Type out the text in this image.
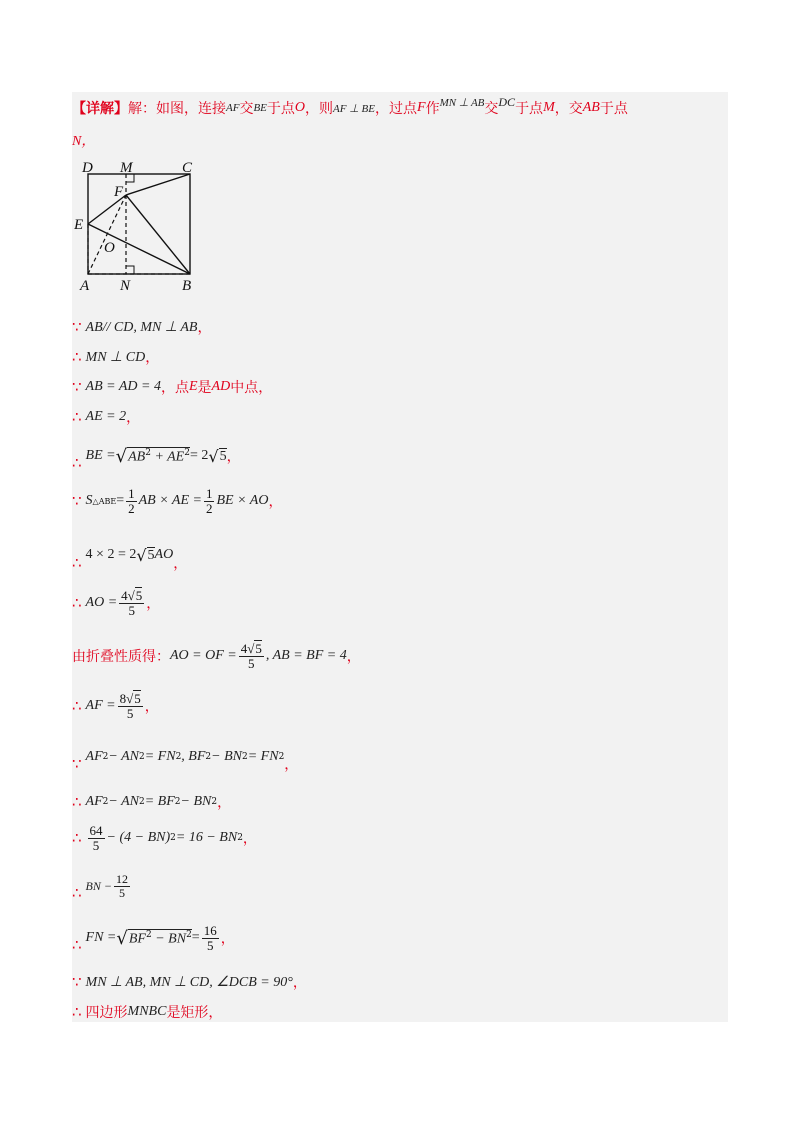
【详解】 解：如图，连接 AF 交 BE 于点 O ，则 AF ⊥ BE ，过点 F 作 MN ⊥ AB 交 DC 于点 M ，交 AB 于点
N，
D M	C
F
E
O
A N	B
∵ AB// CD, MN ⊥ AB ，
∴ MN ⊥ CD ，
∵ AB = AD = 4 ，点 E 是 AD 中点，
∴ AE = 2 ，
∴ BE = √ $AB^2 + AE^2 = 2$ √ 5 ，
∵ S △ABE = $\frac{1}{2}$ AB × AE = $\frac{1}{2}$ BE × AO ，
∴ 4 × 2 = 2 √ 5 AO
，
∴ AO = $\frac{4√5}{5}$ ，
由折叠性质得： AO = OF = $\frac{4√5}{5}$ , AB = BF = 4 ，
∴ AF = $\frac{8√5}{5}$ ，
∵ AF 2 − AN 2 = FN 2 , BF 2 − BN 2 = FN 2 ，
∴ AF 2 − AN 2 = BF 2 − BN 2 ，
∴ $\frac{64}{5} - (4 - BN) 2 = 16$ − BN 2 ，
∴ BN − $\frac{12}{5}$
∴ FN = √ $BF^2 - BN^2 = \frac{16}{5}$ ，
∵ MN ⊥ AB, MN ⊥ CD, ∠DCB = 90° ，
∴ 四边形 MNBC 是矩形，
